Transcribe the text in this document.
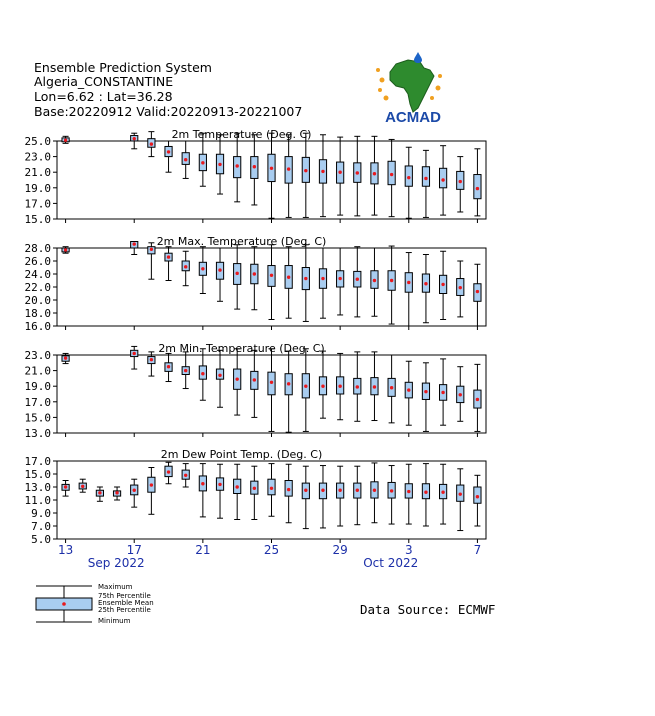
Ensemble Prediction System
Algeria_CONSTANTINE
Lon=6.62 : Lat=36.28
Base:20220912 Valid:20220913-20221007	ACMAD
15.0
17.0
19.0
21.0
23.0
25.0
2m Temperature (Deg. C)
16.0
18.0
20.0
22.0
24.0
26.0
28.0
2m Max. Temperature (Deg. C)
13.0
15.0
17.0
19.0
21.0
23.0
2m Min. Temperature (Deg. C)
5.0
7.0
9.0
11.0
13.0
15.0
17.0
2m Dew Point Temp. (Deg. C)
13	17	21	25	29	3	7
Sep 2022	Oct 2022
Data Source: ECMWF
Maximum
75th Percentile
Ensemble Mean
25th Percentile
Minimum
